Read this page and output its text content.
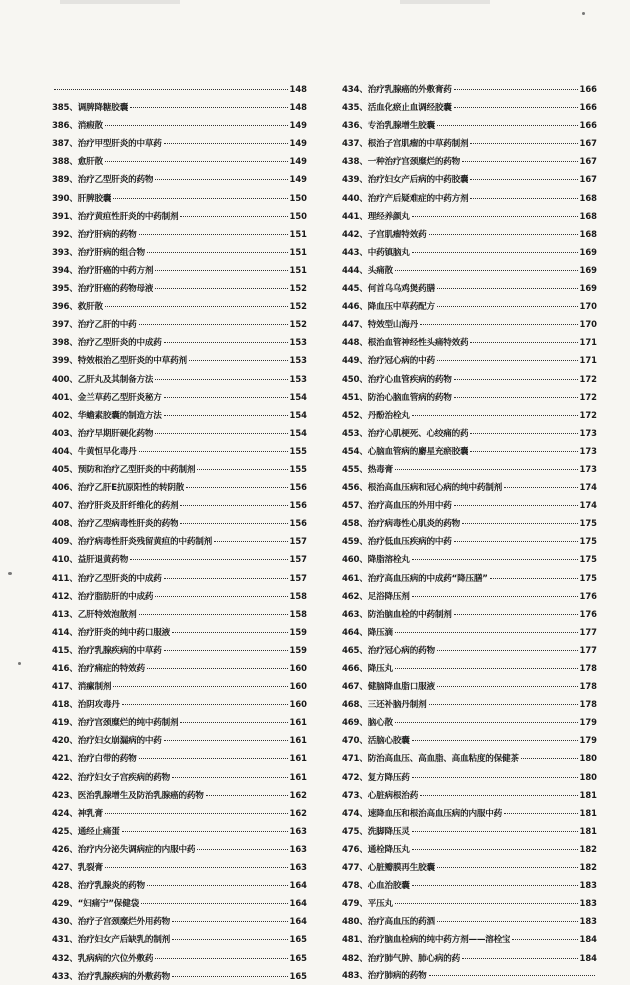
148
385、调脾降糖胶囊	148
386、消瘕散	149
387、治疗甲型肝炎的中草药	149
388、愈肝散	149
389、治疗乙型肝炎的药物	149
390、肝脾胶囊	150
391、治疗黄疸性肝炎的中药制剂	150
392、治疗肝病的药物	151
393、治疗肝病的组合物	151
394、治疗肝癌的中药方剂	151
395、治疗肝癌的药物母液	152
396、救肝散	152
397、治疗乙肝的中药	152
398、治疗乙型肝炎的中成药	153
399、特效根治乙型肝炎的中草药剂	153
400、乙肝丸及其制备方法	153
401、金兰草药乙型肝炎秘方	154
402、华蟾素胶囊的制造方法	154
403、治疗早期肝硬化药物	154
404、牛黄恒早化毒丹	155
405、预防和治疗乙型肝炎的中药制剂	155
406、治疗乙肝E抗原阳性的转阴散	156
407、治疗肝炎及肝纤维化的药剂	156
408、治疗乙型病毒性肝炎的药物	156
409、治疗病毒性肝炎残留黄疸的中药制剂	157
410、益肝退黄药物	157
411、治疗乙型肝炎的中成药	157
412、治疗脂肪肝的中成药	158
413、乙肝特效泡散剂	158
414、治疗肝炎的纯中药口服液	159
415、治疗乳腺疾病的中草药	159
416、治疗痛症的特效药	160
417、消瘰制剂	160
418、治阴攻毒丹	160
419、治疗宫颈糜烂的纯中药制剂	161
420、治疗妇女崩漏病的中药	161
421、治疗白带的药物	161
422、治疗妇女子宫疾病的药物	161
423、医治乳腺增生及防治乳腺癌的药物	162
424、神乳膏	162
425、通经止痛蛋	163
426、治疗内分泌失调病症的内服中药	163
427、乳裂膏	163
428、治疗乳腺炎的药物	164
429、“妇痛宁”保健袋	164
430、治疗子宫颈糜烂外用药物	164
431、治疗妇女产后缺乳的制剂	165
432、乳病病的穴位外敷药	165
433、治疗乳腺疾病的外敷药物	165
434、治疗乳腺癌的外敷膏药	166
435、活血化瘀止血调经胶囊	166
436、专治乳腺增生胶囊	166
437、根治子宫肌瘤的中草药制剂	167
438、一种治疗宫颈糜烂的药物	167
439、治疗妇女产后病的中药胶囊	167
440、治疗产后疑难症的中药方剂	168
441、理经养颜丸	168
442、子宫肌瘤特效药	168
443、中药镇脑丸	169
444、头痛散	169
445、何首乌乌鸡煲药膳	169
446、降血压中草药配方	170
447、特效型山海丹	170
448、根治血管神经性头痛特效药	171
449、治疗冠心病的中药	171
450、治疗心血管疾病的药物	172
451、防治心脑血管病的药物	172
452、丹酚治栓丸	172
453、治疗心肌梗死、心绞痛的药	173
454、心脑血管病的麝星充瘀胶囊	173
455、热毒膏	173
456、根治高血压病和冠心病的纯中药制剂	174
457、治疗高血压的外用中药	174
458、治疗病毒性心肌炎的药物	175
459、治疗低血压疾病的中药	175
460、降脂溶栓丸	175
461、治疗高血压病的中成药“降压膳”	175
462、足浴降压剂	176
463、防治脑血栓的中药制剂	176
464、降压滴	177
465、治疗冠心病的药物	177
466、降压丸	178
467、健脑降血脂口服液	178
468、三还补脑丹制剂	178
469、脑心散	179
470、活脑心胶囊	179
471、防治高血压、高血脂、高血粘度的保健茶	180
472、复方降压药	180
473、心脏病根治药	181
474、速降血压和根治高血压病的内服中药	181
475、洗脚降压灵	181
476、通栓降压丸	182
477、心脏瓣膜再生胶囊	182
478、心血治胶囊	183
479、平压丸	183
480、治疗高血压的药酒	183
481、治疗脑血栓病的纯中药方剂——溶栓宝	184
482、治疗肺气肿、肺心病的药	184
483、治疗肺病的药物
